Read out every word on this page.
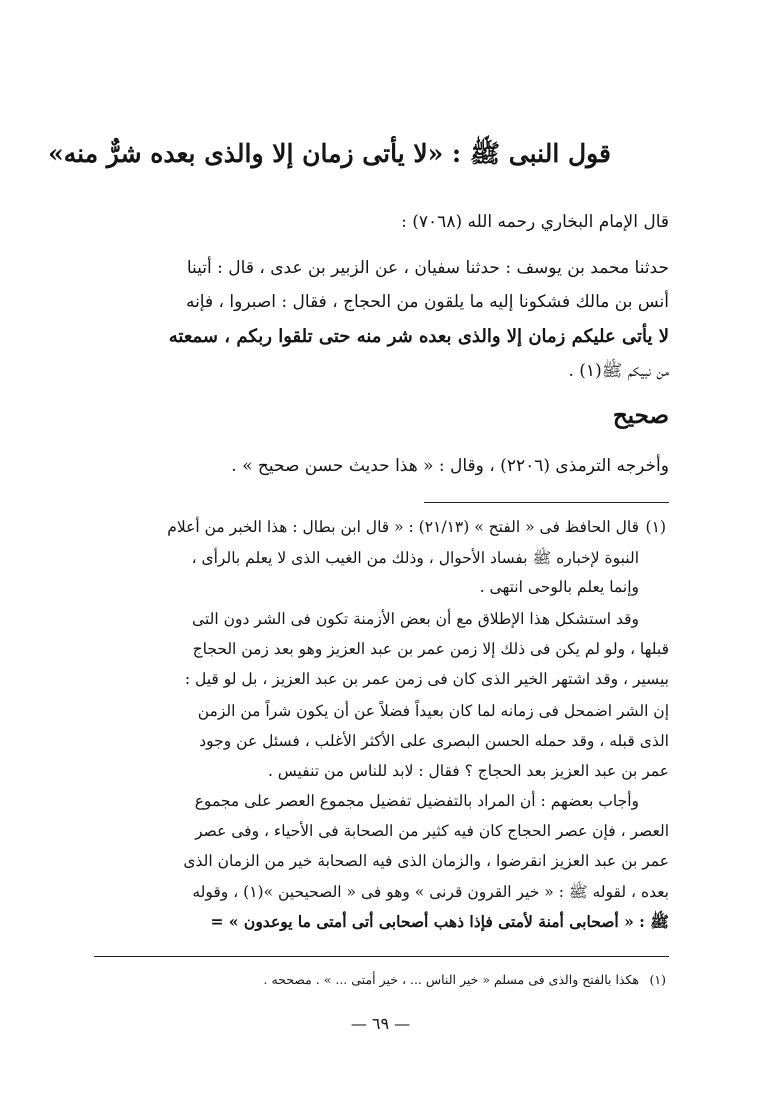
قول النبى ﷺ : «لا يأتى زمان إلا والذى بعده شرٌّ منه»
قال الإمام البخاري رحمه الله (٧٠٦٨) :
حدثنا محمد بن يوسف : حدثنا سفيان ، عن الزبير بن عدى ، قال : أتينا
أنس بن مالك فشكونا إليه ما يلقون من الحجاج ، فقال : اصبروا ، فإنه
لا يأتى عليكم زمان إلا والذى بعده شر منه حتى تلقوا ربكم ، سمعته
من نبيكم ﷺ(١) .
صحيح
وأخرجه الترمذى (٢٢٠٦) ، وقال : « هذا حديث حسن صحيح » .
(١)
قال الحافظ فى « الفتح » (٢١/١٣) : « قال ابن بطال : هذا الخبر من أعلام
النبوة لإخباره ﷺ بفساد الأحوال ، وذلك من الغيب الذى لا يعلم بالرأى ،
وإنما يعلم بالوحى انتهى .
وقد استشكل هذا الإطلاق مع أن بعض الأزمنة تكون فى الشر دون التى
قبلها ، ولو لم يكن فى ذلك إلا زمن عمر بن عبد العزيز وهو بعد زمن الحجاج
بيسير ، وقد اشتهر الخير الذى كان فى زمن عمر بن عبد العزيز ، بل لو قيل :
إن الشر اضمحل فى زمانه لما كان بعيداً فضلاً عن أن يكون شراً من الزمن
الذى قبله ، وقد حمله الحسن البصرى على الأكثر الأغلب ، فسئل عن وجود
عمر بن عبد العزيز بعد الحجاج ؟ فقال : لابد للناس من تنفيس .
وأجاب بعضهم : أن المراد بالتفضيل تفضيل مجموع العصر على مجموع
العصر ، فإن عصر الحجاج كان فيه كثير من الصحابة فى الأحياء ، وفى عصر
عمر بن عبد العزيز انقرضوا ، والزمان الذى فيه الصحابة خير من الزمان الذى
بعده ، لقوله ﷺ : « خير القرون قرنى » وهو فى « الصحيحين »(١) ، وقوله
ﷺ : « أصحابى أمنة لأمتى فإذا ذهب أصحابى أتى أمتى ما يوعدون » =
(١)
هكذا بالفتح والذى فى مسلم « خير الناس ... ، خير أمتى ... » . مصححه .
— ٦٩ —
